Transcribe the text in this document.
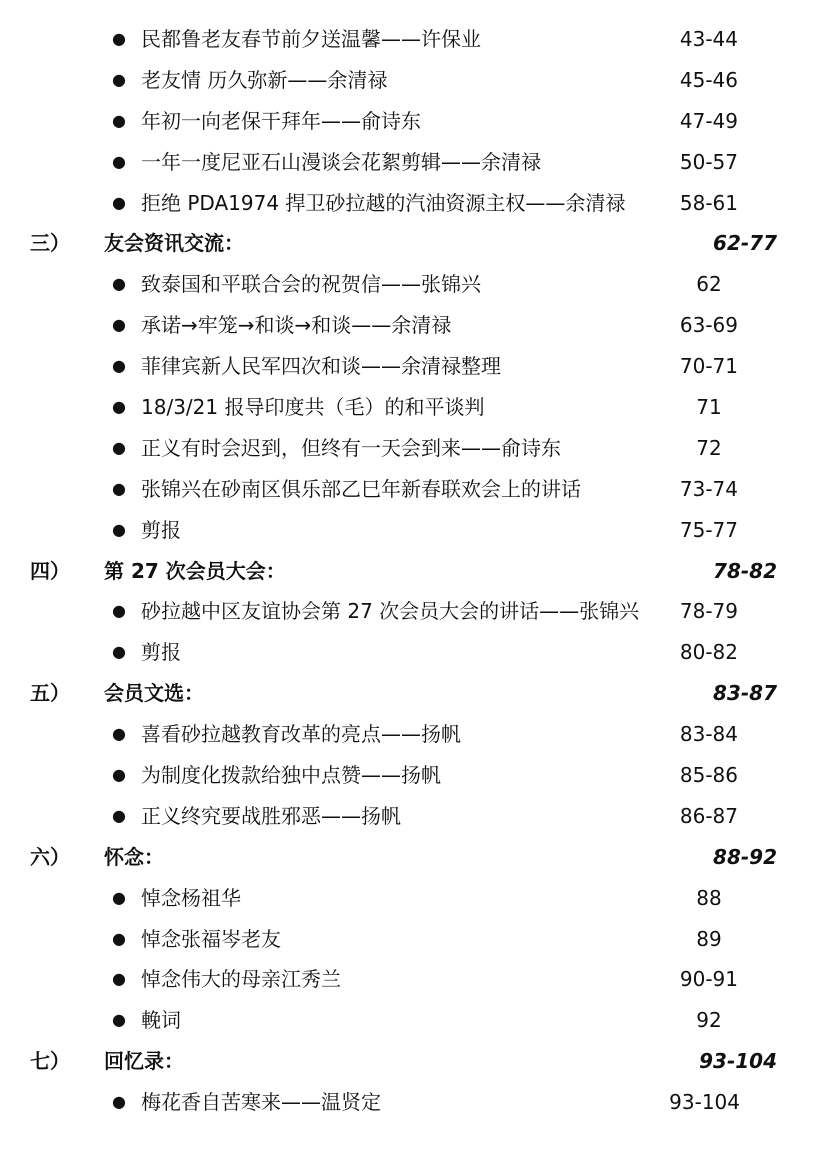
● 民都鲁老友春节前夕送温馨——许保业	43-44
● 老友情 历久弥新——余清禄	45-46
● 年初一向老保干拜年——俞诗东	47-49
● 一年一度尼亚石山漫谈会花絮剪辑——余清禄	50-57
● 拒绝 PDA1974 捍卫砂拉越的汽油资源主权——余清禄	58-61
三） 友会资讯交流：	62-77
● 致泰国和平联合会的祝贺信——张锦兴	62
● 承诺→牢笼→和谈→和谈——余清禄	63-69
● 菲律宾新人民军四次和谈——余清禄整理	70-71
● 18/3/21 报导印度共（毛）的和平谈判	71
● 正义有时会迟到，但终有一天会到来——俞诗东	72
● 张锦兴在砂南区俱乐部乙巳年新春联欢会上的讲话	73-74
● 剪报	75-77
四） 第 27 次会员大会：	78-82
● 砂拉越中区友谊协会第 27 次会员大会的讲话——张锦兴 78-79
● 剪报	80-82
五） 会员文选：	83-87
● 喜看砂拉越教育改革的亮点——扬帆	83-84
● 为制度化拨款给独中点赞——扬帆	85-86
● 正义终究要战胜邪恶——扬帆	86-87
六） 怀念：	88-92
● 悼念杨祖华	88
● 悼念张福岑老友	89
● 悼念伟大的母亲江秀兰	90-91
● 輓词	92
七） 回忆录：	93-104
● 梅花香自苦寒来——温贤定	93-104
